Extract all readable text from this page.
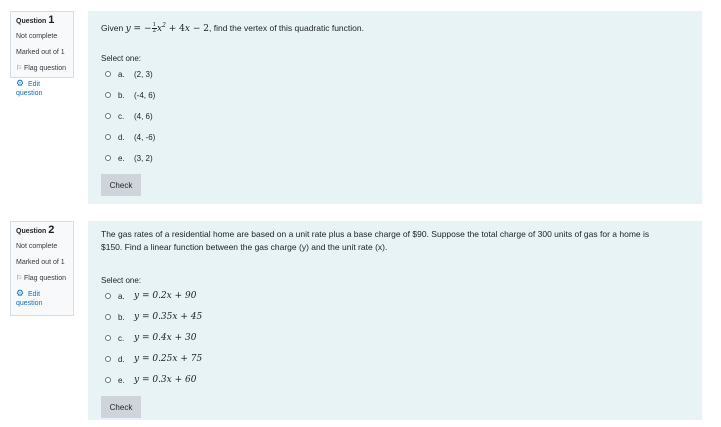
Question 1
Not complete
Marked out of 1
⚐ Flag question
⚙ Edit question
Given y = − $\frac{1}{2} x^2 + 4x - 2$, find the vertex of this quadratic function.
Select one:
a.	(2, 3)
b.	(-4, 6)
c.	(4, 6)
d.	(4, -6)
e.	(3, 2)
Check
Question 2
Not complete
Marked out of 1
⚐ Flag question
⚙ Edit question
The gas rates of a residential home are based on a unit rate plus a base charge of $90. Suppose the total charge of 300 units of gas for a home is
$150. Find a linear function between the gas charge (y) and the unit rate (x).
Select one:
a.	y = 0.2x + 90
b.	y = 0.35x + 45
c.	y = 0.4x + 30
d.	y = 0.25x + 75
e.	y = 0.3x + 60
Check
